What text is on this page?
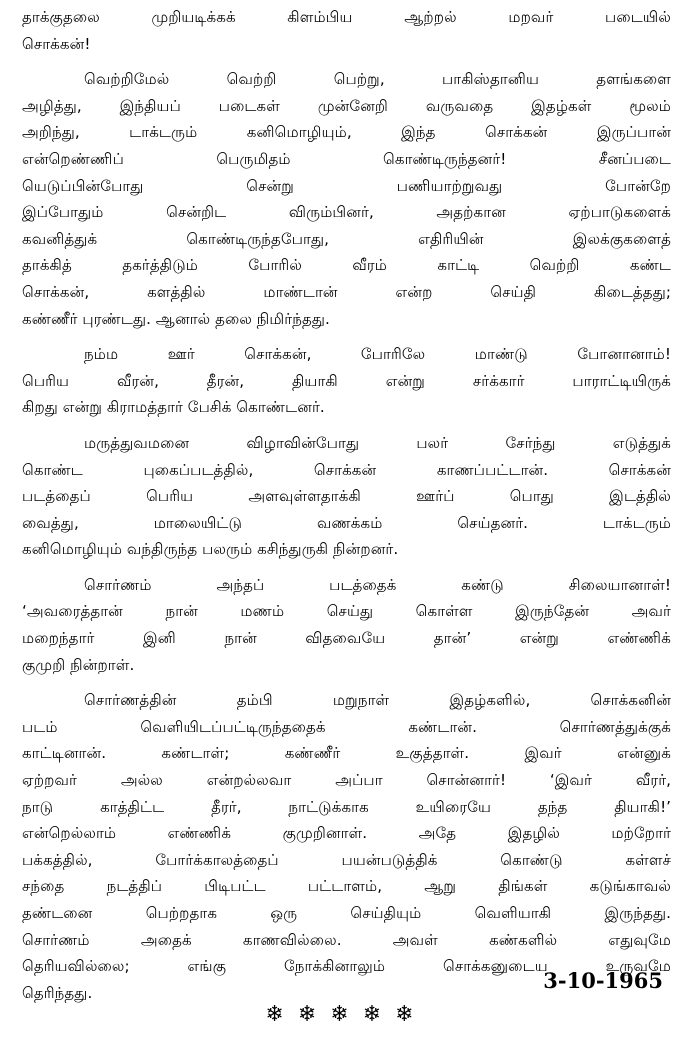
தாக்குதலை முறியடிக்கக் கிளம்பிய ஆற்றல் மறவர் படையில்
சொக்கன்!
வெற்றிமேல் வெற்றி பெற்று, பாகிஸ்தானிய தளங்களை
அழித்து, இந்தியப் படைகள் முன்னேறி வருவதை இதழ்கள் மூலம்
அறிந்து, டாக்டரும் கனிமொழியும், இந்த சொக்கன் இருப்பான்
என்றெண்ணிப் பெருமிதம் கொண்டிருந்தனர்! சீனப்படை
யெடுப்பின்போது சென்று பணியாற்றுவது போன்றே
இப்போதும் சென்றிட விரும்பினர், அதற்கான ஏற்பாடுகளைக்
கவனித்துக் கொண்டிருந்தபோது, எதிரியின் இலக்குகளைத்
தாக்கித் தகர்த்திடும் போரில் வீரம் காட்டி வெற்றி கண்ட
சொக்கன், களத்தில் மாண்டான் என்ற செய்தி கிடைத்தது;
கண்ணீர் புரண்டது. ஆனால் தலை நிமிர்ந்தது.
நம்ம ஊர் சொக்கன், போரிலே மாண்டு போனானாம்!
பெரிய வீரன், தீரன், தியாகி என்று சர்க்கார் பாராட்டியிருக்
கிறது என்று கிராமத்தார் பேசிக் கொண்டனர்.
மருத்துவமனை விழாவின்போது பலர் சேர்ந்து எடுத்துக்
கொண்ட புகைப்படத்தில், சொக்கன் காணப்பட்டான். சொக்கன்
படத்தைப் பெரிய அளவுள்ளதாக்கி ஊர்ப் பொது இடத்தில்
வைத்து, மாலையிட்டு வணக்கம் செய்தனர். டாக்டரும்
கனிமொழியும் வந்திருந்த பலரும் கசிந்துருகி நின்றனர்.
சொர்ணம் அந்தப் படத்தைக் கண்டு சிலையானாள்!
‘அவரைத்தான் நான் மணம் செய்து கொள்ள இருந்தேன் அவர்
மறைந்தார் இனி நான் விதவையே தான்’ என்று எண்ணிக்
குமுறி நின்றாள்.
சொர்ணத்தின் தம்பி மறுநாள் இதழ்களில், சொக்கனின்
படம் வெளியிடப்பட்டிருந்ததைக் கண்டான். சொர்ணத்துக்குக்
காட்டினான். கண்டாள்; கண்ணீர் உகுத்தாள். இவர் என்னுக்
ஏற்றவர் அல்ல என்றல்லவா அப்பா சொன்னார்! ‘இவர் வீரர்,
நாடு காத்திட்ட தீரர், நாட்டுக்காக உயிரையே தந்த தியாகி!’
என்றெல்லாம் எண்ணிக் குமுறினாள். அதே இதழில் மற்றோர்
பக்கத்தில், போர்க்காலத்தைப் பயன்படுத்திக் கொண்டு கள்ளச்
சந்தை நடத்திப் பிடிபட்ட பட்டாளம், ஆறு திங்கள் கடுங்காவல்
தண்டனை பெற்றதாக ஒரு செய்தியும் வெளியாகி இருந்தது.
சொர்ணம் அதைக் காணவில்லை. அவள் கண்களில் எதுவுமே
தெரியவில்லை; எங்கு நோக்கினாலும் சொக்கனுடைய உருவமே
தெரிந்தது.	3-10-1965
❄❄❄❄❄
